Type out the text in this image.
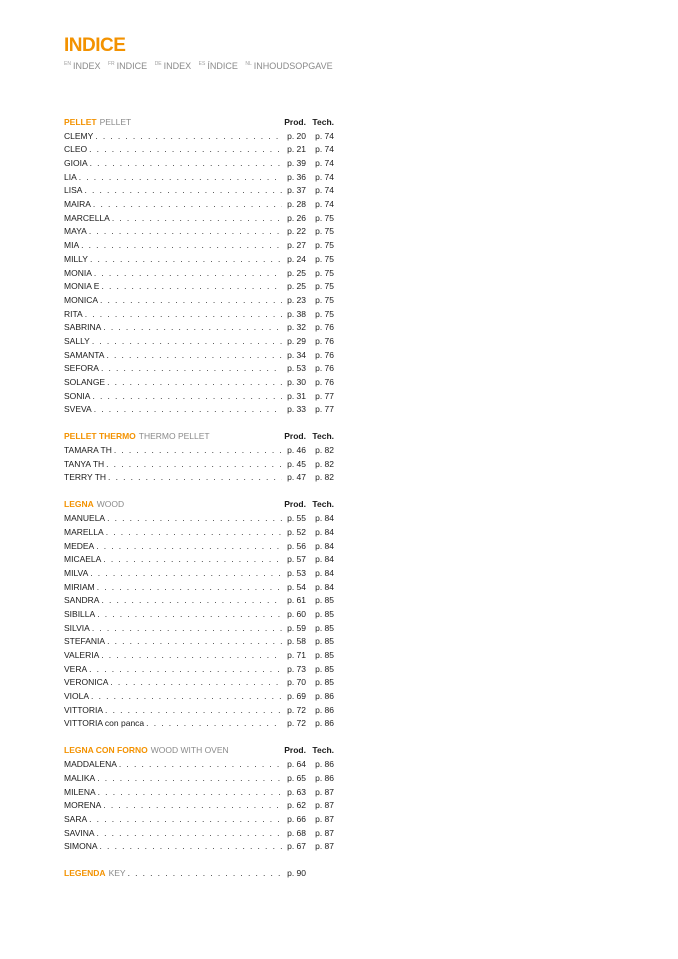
INDICE
$^{EN}$ INDEX $^{FR}$ INDICE $^{DE}$ INDEX $^{ES}$ ÍNDICE $^{NL}$ INHOUDSOPGAVE
PELLET PELLET	Prod. Tech.
CLEMY . . .	p. 20	p. 74
CLEO . . .	p. 21	p. 74
GIOIA . . .	p. 39	p. 74
LIA . . .	p. 36	p. 74
LISA . . .	p. 37	p. 74
MAIRA . . .	p. 28	p. 74
MARCELLA . . .	p. 26	p. 75
MAYA . . .	p. 22	p. 75
MIA . . .	p. 27	p. 75
MILLY . . .	p. 24	p. 75
MONIA . . .	p. 25	p. 75
MONIA E . . .	p. 25	p. 75
MONICA . . .	p. 23	p. 75
RITA . . .	p. 38	p. 75
SABRINA . . .	p. 32	p. 76
SALLY . . .	p. 29	p. 76
SAMANTA . . .	p. 34	p. 76
SEFORA . . .	p. 53	p. 76
SOLANGE . . .	p. 30	p. 76
SONIA . . .	p. 31	p. 77
SVEVA . . .	p. 33	p. 77
PELLET THERMO THERMO PELLET	Prod. Tech.
TAMARA TH . . .	p. 46	p. 82
TANYA TH . . .	p. 45	p. 82
TERRY TH . . .	p. 47	p. 82
LEGNA WOOD	Prod. Tech.
MANUELA . . .	p. 55	p. 84
MARELLA . . .	p. 52	p. 84
MEDEA . . .	p. 56	p. 84
MICAELA . . .	p. 57	p. 84
MILVA . . .	p. 53	p. 84
MIRIAM . . .	p. 54	p. 84
SANDRA . . .	p. 61	p. 85
SIBILLA . . .	p. 60	p. 85
SILVIA . . .	p. 59	p. 85
STEFANIA . . .	p. 58	p. 85
VALERIA . . .	p. 71	p. 85
VERA . . .	p. 73	p. 85
VERONICA . . .	p. 70	p. 85
VIOLA . . .	p. 69	p. 86
VITTORIA . . .	p. 72	p. 86
VITTORIA con panca . . .	p. 72	p. 86
LEGNA CON FORNO WOOD WITH OVEN	Prod. Tech.
MADDALENA . . .	p. 64	p. 86
MALIKA . . .	p. 65	p. 86
MILENA . . .	p. 63	p. 87
MORENA . . .	p. 62	p. 87
SARA . . .	p. 66	p. 87
SAVINA . . .	p. 68	p. 87
SIMONA . . .	p. 67	p. 87
LEGENDA KEY . . .	p. 90
